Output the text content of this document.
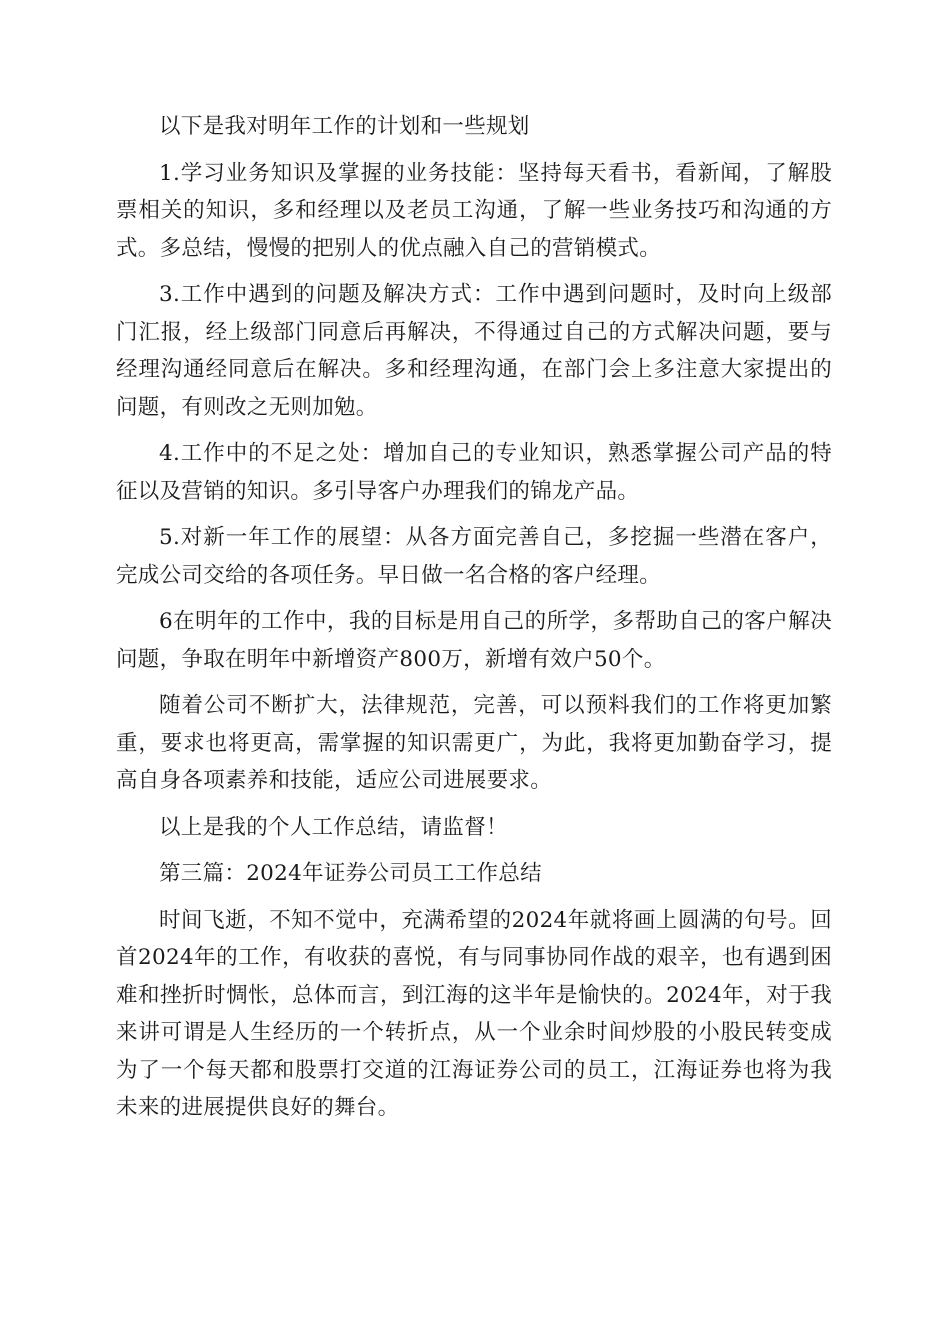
以下是我对明年工作的计划和一些规划

1.学习业务知识及掌握的业务技能：坚持每天看书，看新闻，了解股票相关的知识，多和经理以及老员工沟通，了解一些业务技巧和沟通的方式。多总结，慢慢的把别人的优点融入自己的营销模式。

3.工作中遇到的问题及解决方式：工作中遇到问题时，及时向上级部门汇报，经上级部门同意后再解决，不得通过自己的方式解决问题，要与经理沟通经同意后在解决。多和经理沟通，在部门会上多注意大家提出的问题，有则改之无则加勉。

4.工作中的不足之处：增加自己的专业知识，熟悉掌握公司产品的特征以及营销的知识。多引导客户办理我们的锦龙产品。

5.对新一年工作的展望：从各方面完善自己，多挖掘一些潜在客户，完成公司交给的各项任务。早日做一名合格的客户经理。

6在明年的工作中，我的目标是用自己的所学，多帮助自己的客户解决问题，争取在明年中新增资产800万，新增有效户50个。

随着公司不断扩大，法律规范，完善，可以预料我们的工作将更加繁重，要求也将更高，需掌握的知识需更广，为此，我将更加勤奋学习，提高自身各项素养和技能，适应公司进展要求。

以上是我的个人工作总结，请监督！

第三篇：2024年证券公司员工工作总结

时间飞逝，不知不觉中，充满希望的2024年就将画上圆满的句号。回首2024年的工作，有收获的喜悦，有与同事协同作战的艰辛，也有遇到困难和挫折时惆怅，总体而言，到江海的这半年是愉快的。2024年，对于我来讲可谓是人生经历的一个转折点，从一个业余时间炒股的小股民转变成为了一个每天都和股票打交道的江海证券公司的员工，江海证券也将为我未来的进展提供良好的舞台。
